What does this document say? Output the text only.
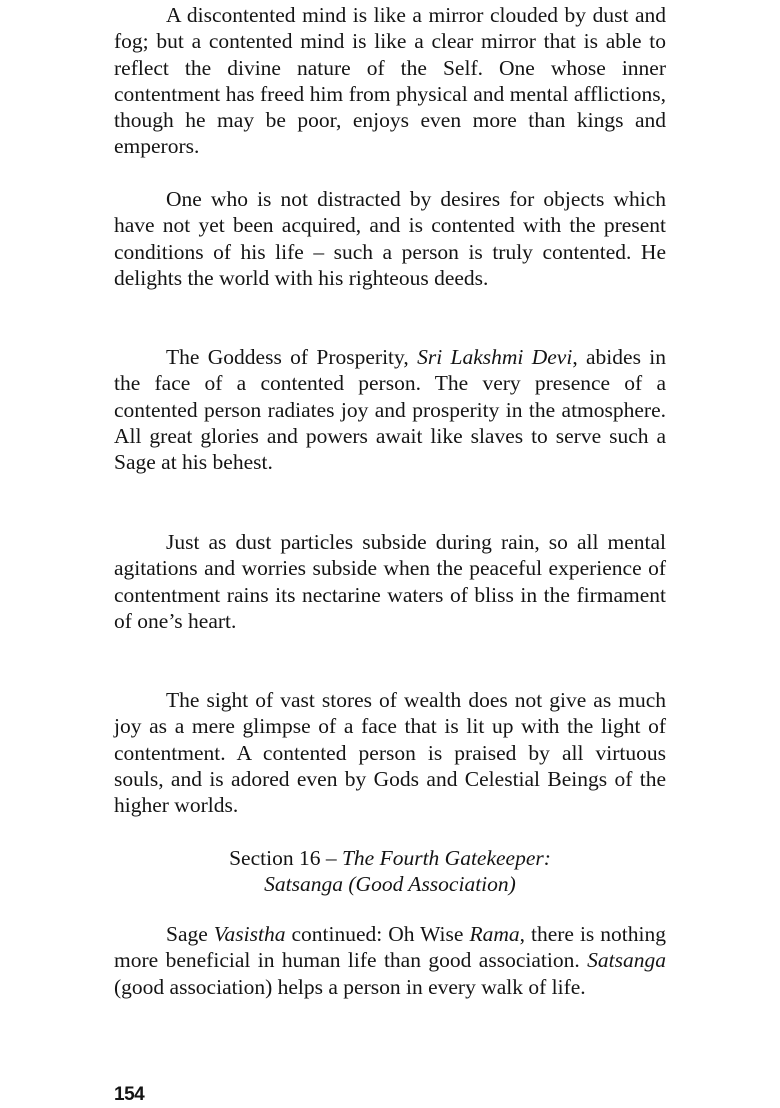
A discontented mind is like a mirror clouded by dust and fog; but a contented mind is like a clear mirror that is able to reflect the divine nature of the Self. One whose inner contentment has freed him from physical and mental afflictions, though he may be poor, enjoys even more than kings and emperors.

One who is not distracted by desires for objects which have not yet been acquired, and is contented with the present conditions of his life – such a person is truly contented. He delights the world with his righteous deeds.

The Goddess of Prosperity, Sri Lakshmi Devi, abides in the face of a contented person. The very presence of a contented person radiates joy and prosperity in the atmosphere. All great glories and powers await like slaves to serve such a Sage at his behest.

Just as dust particles subside during rain, so all mental agitations and worries subside when the peaceful experience of contentment rains its nectarine waters of bliss in the firmament of one’s heart.

The sight of vast stores of wealth does not give as much joy as a mere glimpse of a face that is lit up with the light of contentment. A contented person is praised by all virtuous souls, and is adored even by Gods and Celestial Beings of the higher worlds.

Section 16 – The Fourth Gatekeeper:
Satsanga (Good Association)

Sage Vasistha continued: Oh Wise Rama, there is nothing more beneficial in human life than good association. Satsanga (good association) helps a person in every walk of life.

154
